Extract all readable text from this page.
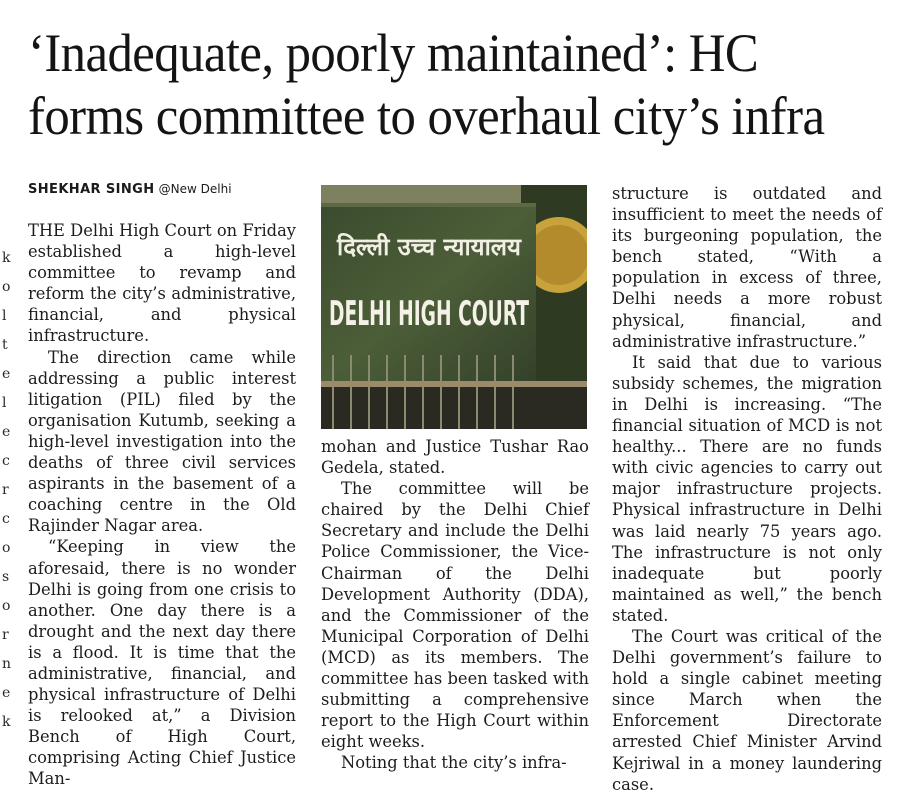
‘Inadequate, poorly maintained’: HC
forms committee to overhaul city’s infra
k
o
l
t
e
l
e
c
r
c
o
s
o
r
n
e
k
SHEKHAR SINGH @New Delhi

THE Delhi High Court on Friday established a high-level committee to revamp and reform the city’s administrative, financial, and physical infrastructure.

The direction came while addressing a public interest litigation (PIL) filed by the organisation Kutumb, seeking a high-level investigation into the deaths of three civil services aspirants in the basement of a coaching centre in the Old Rajinder Nagar area.

“Keeping in view the aforesaid, there is no wonder Delhi is going from one crisis to another. One day there is a drought and the next day there is a flood. It is time that the administrative, financial, and physical infrastructure of Delhi is relooked at,” a Division Bench of High Court, comprising Acting Chief Justice Man-

दिल्ली उच्च न्यायालय
DELHI HIGH COURT

mohan and Justice Tushar Rao Gedela, stated.

The committee will be chaired by the Delhi Chief Secretary and include the Delhi Police Commissioner, the Vice-Chairman of the Delhi Development Authority (DDA), and the Commissioner of the Municipal Corporation of Delhi (MCD) as its members. The committee has been tasked with submitting a comprehensive report to the High Court within eight weeks.

Noting that the city’s infra-

structure is outdated and insufficient to meet the needs of its burgeoning population, the bench stated, “With a population in excess of three, Delhi needs a more robust physical, financial, and administrative infrastructure.”

It said that due to various subsidy schemes, the migration in Delhi is increasing. “The financial situation of MCD is not healthy... There are no funds with civic agencies to carry out major infrastructure projects. Physical infrastructure in Delhi was laid nearly 75 years ago. The infrastructure is not only inadequate but poorly maintained as well,” the bench stated.

The Court was critical of the Delhi government’s failure to hold a single cabinet meeting since March when the Enforcement Directorate arrested Chief Minister Arvind Kejriwal in a money laundering case.
